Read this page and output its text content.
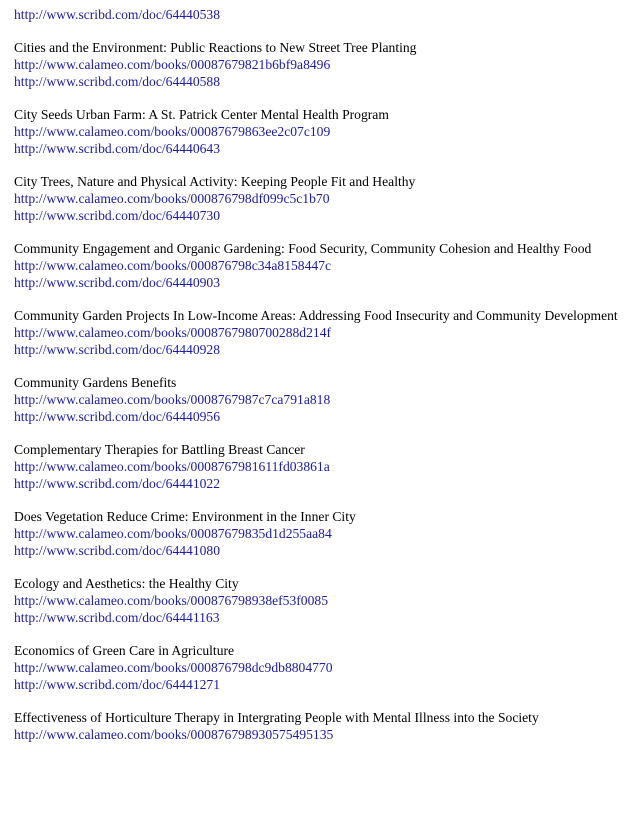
http://www.scribd.com/doc/64440538
Cities and the Environment: Public Reactions to New Street Tree Planting
http://www.calameo.com/books/00087679821b6bf9a8496
http://www.scribd.com/doc/64440588
City Seeds Urban Farm: A St. Patrick Center Mental Health Program
http://www.calameo.com/books/00087679863ee2c07c109
http://www.scribd.com/doc/64440643
City Trees, Nature and Physical Activity: Keeping People Fit and Healthy
http://www.calameo.com/books/000876798df099c5c1b70
http://www.scribd.com/doc/64440730
Community Engagement and Organic Gardening: Food Security, Community Cohesion and Healthy Food
http://www.calameo.com/books/000876798c34a8158447c
http://www.scribd.com/doc/64440903
Community Garden Projects In Low-Income Areas: Addressing Food Insecurity and Community Development
http://www.calameo.com/books/0008767980700288d214f
http://www.scribd.com/doc/64440928
Community Gardens Benefits
http://www.calameo.com/books/0008767987c7ca791a818
http://www.scribd.com/doc/64440956
Complementary Therapies for Battling Breast Cancer
http://www.calameo.com/books/0008767981611fd03861a
http://www.scribd.com/doc/64441022
Does Vegetation Reduce Crime: Environment in the Inner City
http://www.calameo.com/books/00087679835d1d255aa84
http://www.scribd.com/doc/64441080
Ecology and Aesthetics: the Healthy City
http://www.calameo.com/books/000876798938ef53f0085
http://www.scribd.com/doc/64441163
Economics of Green Care in Agriculture
http://www.calameo.com/books/000876798dc9db8804770
http://www.scribd.com/doc/64441271
Effectiveness of Horticulture Therapy in Intergrating People with Mental Illness into the Society
http://www.calameo.com/books/000876798930575495135
